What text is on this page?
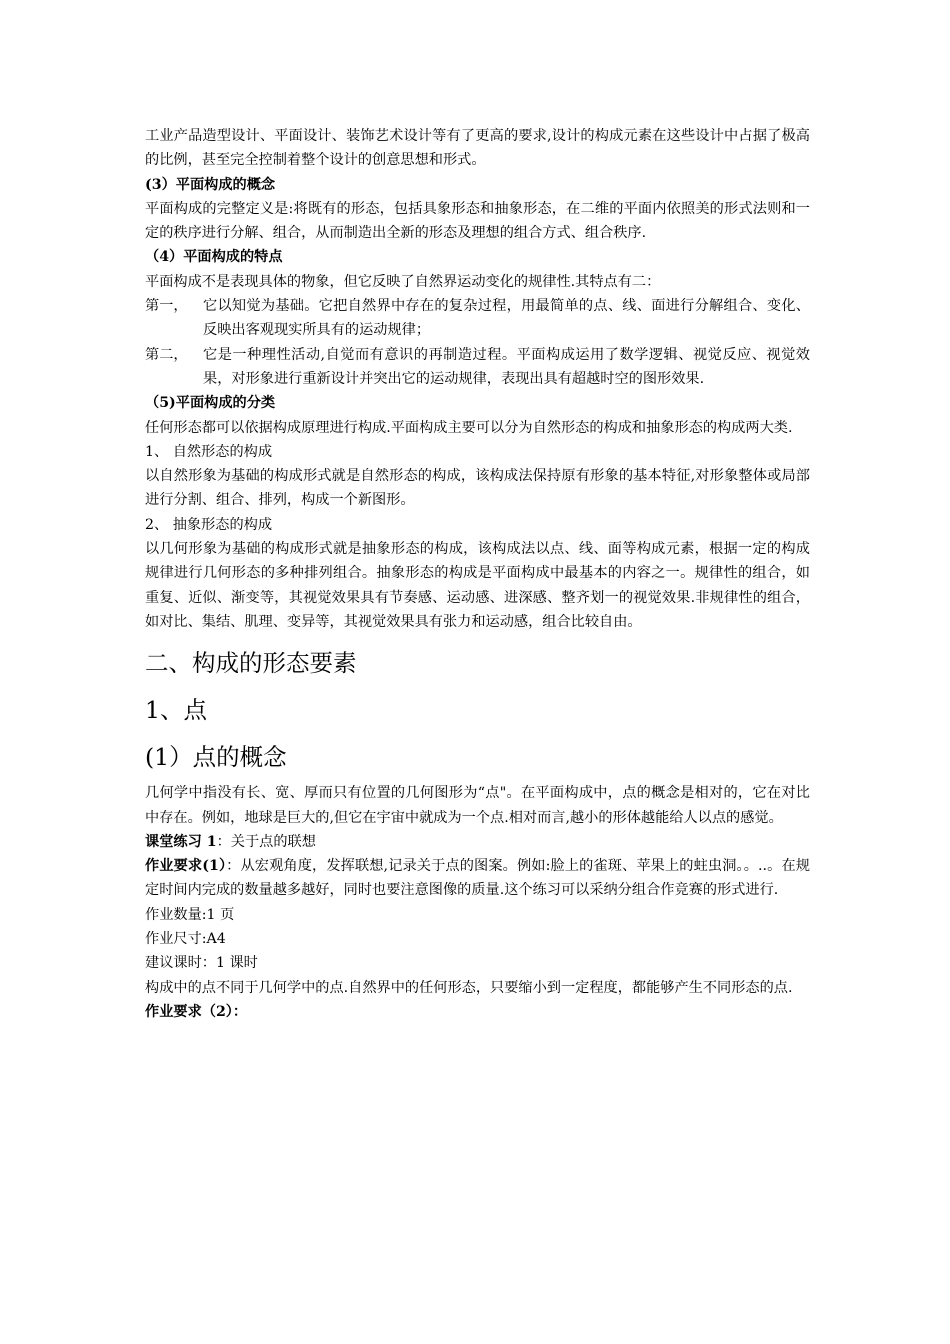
工业产品造型设计、平面设计、装饰艺术设计等有了更高的要求,设计的构成元素在这些设计中占据了极高的比例，甚至完全控制着整个设计的创意思想和形式。

(3）平面构成的概念

平面构成的完整定义是:将既有的形态，包括具象形态和抽象形态，在二维的平面内依照美的形式法则和一定的秩序进行分解、组合，从而制造出全新的形态及理想的组合方式、组合秩序.

（4）平面构成的特点

平面构成不是表现具体的物象，但它反映了自然界运动变化的规律性.其特点有二：

第一，	它以知觉为基础。它把自然界中存在的复杂过程，用最简单的点、线、面进行分解组合、变化、反映出客观现实所具有的运动规律；
第二，	它是一种理性活动,自觉而有意识的再制造过程。平面构成运用了数学逻辑、视觉反应、视觉效果，对形象进行重新设计并突出它的运动规律，表现出具有超越时空的图形效果.

（5)平面构成的分类

任何形态都可以依据构成原理进行构成.平面构成主要可以分为自然形态的构成和抽象形态的构成两大类.

1、 自然形态的构成

以自然形象为基础的构成形式就是自然形态的构成，该构成法保持原有形象的基本特征,对形象整体或局部进行分割、组合、排列，构成一个新图形。

2、 抽象形态的构成

以几何形象为基础的构成形式就是抽象形态的构成，该构成法以点、线、面等构成元素，根据一定的构成规律进行几何形态的多种排列组合。抽象形态的构成是平面构成中最基本的内容之一。规律性的组合，如重复、近似、渐变等，其视觉效果具有节奏感、运动感、进深感、整齐划一的视觉效果.非规律性的组合，如对比、集结、肌理、变异等，其视觉效果具有张力和运动感，组合比较自由。

二、构成的形态要素
1、点
(1）点的概念

几何学中指没有长、宽、厚而只有位置的几何图形为“点"。在平面构成中，点的概念是相对的，它在对比中存在。例如，地球是巨大的,但它在宇宙中就成为一个点.相对而言,越小的形体越能给人以点的感觉。

课堂练习 1：关于点的联想

作业要求(1）：从宏观角度，发挥联想,记录关于点的图案。例如:脸上的雀斑、苹果上的蛀虫洞。。..。在规定时间内完成的数量越多越好，同时也要注意图像的质量.这个练习可以采纳分组合作竞赛的形式进行.

作业数量:1 页

作业尺寸:A4

建议课时：1 课时

构成中的点不同于几何学中的点.自然界中的任何形态，只要缩小到一定程度，都能够产生不同形态的点.

作业要求（2）：
